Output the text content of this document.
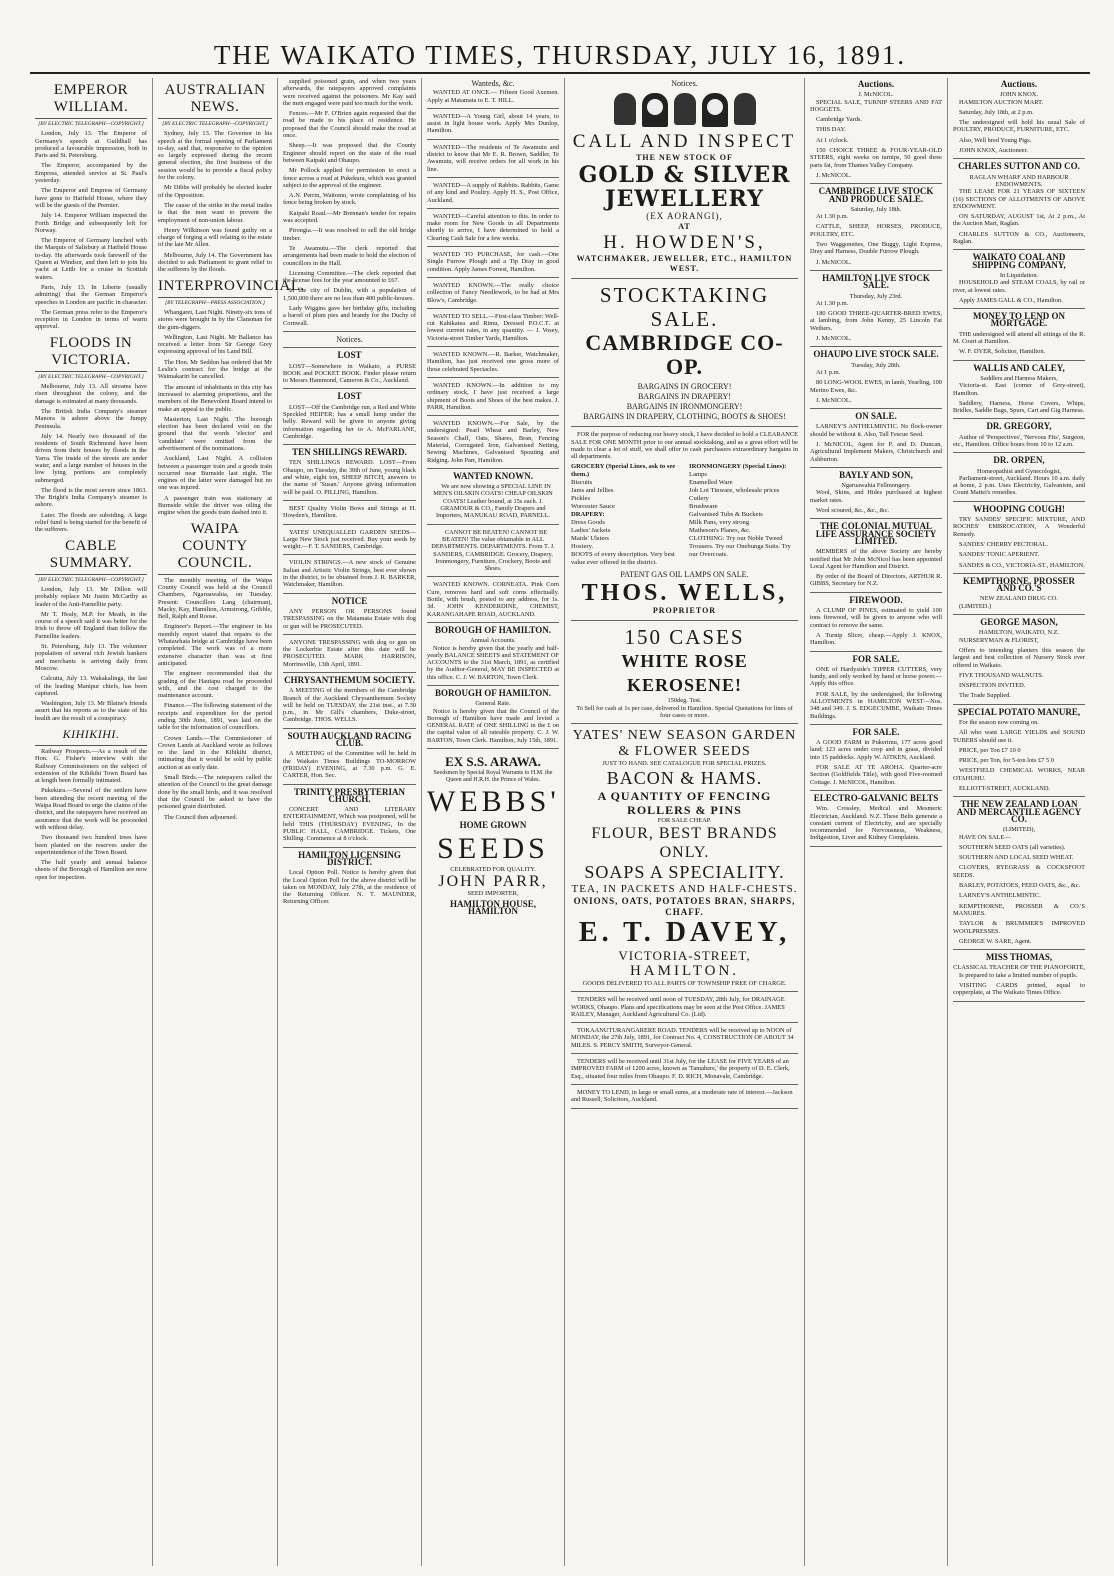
THE WAIKATO TIMES, THURSDAY, JULY 16, 1891.
EMPEROR WILLIAM.
[BY ELECTRIC TELEGRAPH—COPYRIGHT.]
London, July 13. The Emperor of Germany's speech at Guildhall has produced a favourable impression, both in Paris and St. Petersburg.
The Emperor, accompanied by the Empress, attended service at St. Paul's yesterday.
The Emperor and Empress of Germany have gone to Hatfield House, where they will be the guests of the Premier.
July 14. Emperor William inspected the Forth Bridge and subsequently left for Norway.
The Emperor of Germany lunched with the Marquis of Salisbury at Hatfield House to-day. He afterwards took farewell of the Queen at Windsor, and then left to join his yacht at Leith for a cruise in Scottish waters.
Paris, July 13. In Liberte (usually admiring) that the German Emperor's speeches in London are pacific in character.
The German press refer to the Emperor's reception in London in terms of warm approval.
FLOODS IN VICTORIA.
[BY ELECTRIC TELEGRAPH—COPYRIGHT.]
Melbourne, July 13. All streams have risen throughout the colony, and the damage is estimated at many thousands.
The British India Company's steamer Manora is ashore above the Jumpy Peninsula.
July 14. Nearly two thousand of the residents of South Richmond have been driven from their houses by floods in the Yarra. The inside of the streets are under water, and a large number of houses in the low lying portions are completely submerged.
The flood is the most severe since 1863. The Bright's India Company's steamer is ashore.
Later. The floods are subsiding. A large relief fund is being started for the benefit of the sufferers.
CABLE SUMMARY.
[BY ELECTRIC TELEGRAPH—COPYRIGHT.]
London, July 13. Mr Dillon will probably replace Mr Justin McCarthy as leader of the Anti-Parnellite party.
Mr T. Healy, M.P. for Meath, in the course of a speech said it was better for the Irish to throw off England than follow the Parnellite leaders.
St. Petersburg, July 13. The volunteer population of several rich Jewish bankers and merchants is arriving daily from Moscow.
Calcutta, July 13. Wakakalinga, the last of the leading Manipur chiefs, has been captured.
Washington, July 13. Mr Blaine's friends assert that his reports as to the state of his health are the result of a conspiracy.
KIHIKIHI.
Railway Prospects.—As a result of the Hon. G. Fisher's interview with the Railway Commissioners on the subject of extension of the Kihikihi Town Board has at length been formally intimated.
Pukekura.—Several of the settlers have been attending the recent meeting of the Waipa Road Board to urge the claims of the district, and the ratepayers have received an assurance that the work will be proceeded with without delay.
Two thousand two hundred trees have been planted on the reserves under the superintendence of the Town Board.
The half yearly and annual balance sheets of the Borough of Hamilton are now open for inspection.
AUSTRALIAN NEWS.
[BY ELECTRIC TELEGRAPH—COPYRIGHT.]
Sydney, July 13. The Governor in his speech at the formal opening of Parliament to-day, said that, responsive to the opinion so largely expressed during the recent general election, the first business of the session would be to provide a fiscal policy for the colony.
Mr Dibbs will probably be elected leader of the Opposition.
The cause of the strike in the metal trades is that the men want to prevent the employment of non-union labour.
Henry Wilkinson was found guilty on a charge of forging a will relating to the estate of the late Mr Allen.
Melbourne, July 14. The Government has decided to ask Parliament to grant relief to the sufferers by the floods.
INTERPROVINCIAL.
[BY TELEGRAPH—PRESS ASSOCIATION.]
Whangarei, Last Night. Ninety-six tons of stores were brought in by the Clansman for the gum-diggers.
Wellington, Last Night. Mr Ballance has received a letter from Sir George Grey expressing approval of his Land Bill.
The Hon. Mr Seddon has ordered that Mr Leslie's contract for the bridge at the Waimakariri be cancelled.
The amount of inhabitants in this city has increased to alarming proportions, and the members of the Benevolent Board intend to make an appeal to the public.
Masterton, Last Night. The borough election has been declared void on the ground that the words 'elector' and 'candidate' were omitted from the advertisement of the nominations.
Auckland, Last Night. A collision between a passenger train and a goods train occurred near Burnside last night. The engines of the latter were damaged but no one was injured.
A passenger train was stationary at Burnside while the driver was oiling the engine when the goods train dashed into it.
WAIPA COUNTY COUNCIL.
The monthly meeting of the Waipa County Council was held at the Council Chambers, Ngaruawahia, on Tuesday. Present: Councillors Lang (chairman), Macky, Kay, Hamilton, Armstrong, Gribble, Bell, Ralph and Roose.
Engineer's Report.—The engineer in his monthly report stated that repairs to the Whatawhata bridge at Cambridge have been completed. The work was of a more extensive character than was at first anticipated.
The engineer recommended that the grading of the Hautapu road be proceeded with, and the cost charged to the maintenance account.
Finance.—The following statement of the receipts and expenditure for the period ending 30th June, 1891, was laid on the table for the information of councillors.
Crown Lands.—The Commissioner of Crown Lands at Auckland wrote as follows re the land in the Kihikihi district, intimating that it would be sold by public auction at an early date.
Small Birds.—The ratepayers called the attention of the Council to the great damage done by the small birds, and it was resolved that the Council be asked to have the poisoned grain distributed.
The Council then adjourned.
supplied poisoned grain, and when two years afterwards, the ratepayers approved complaints were received against the poisoners. Mr Kay said the men engaged were paid too much for the work.
Fences.—Mr F. O'Brien again requested that the road be made to his place of residence. He proposed that the Council should make the road at once.
Sheep.—It was proposed that the County Engineer should report on the state of the road between Kaipaki and Ohaupo.
Mr Pollock applied for permission to erect a fence across a road at Pukekura, which was granted subject to the approval of the engineer.
A.N. Perrin, Waitomo, wrote complaining of his fence being broken by stock.
Kaipaki Road.—Mr Brennan's tender for repairs was accepted.
Pirongia.—It was resolved to sell the old bridge timber.
Te Awamutu.—The clerk reported that arrangements had been made to hold the election of councillors in the Hall.
Licensing Committee.—The clerk reported that the license fees for the year amounted to £67.
In the city of Dublin, with a population of 1,500,000 there are no less than 400 public-houses.
Lady Wiggins gave her birthday gifts, including a barrel of plum pies and brandy for the Duchy of Cornwall.
Notices.
LOST
LOST—Somewhere in Waikato, a PURSE BOOK and POCKET BOOK. Finder please return to Messrs Hammond, Cameron & Co., Auckland.
LOST
LOST—Off the Cambridge run, a Red and White Speckled HEIFER; has a small lump under the belly. Reward will be given to anyone giving information regarding her to A. McFARLANE, Cambridge.
TEN SHILLINGS REWARD.
TEN SHILLINGS REWARD. LOST—From Ohaupo, on Tuesday, the 30th of June, young black and white, eight ton, SHEEP BITCH, answers to the name of 'Susan.' Anyone giving information will be paid. O. PILLING, Hamilton.
BEST Quality Violin Bows and Strings at H. Howden's, Hamilton.
YATES' UNEQUALLED GARDEN SEEDS—Large New Stock just received. Buy your seeds by weight.—F. T. SANDERS, Cambridge.
VIOLIN STRINGS.—A new stock of Genuine Italian and Artistic Violin Strings, best ever shown in the district, to be obtained from J. R. BARKER, Watchmaker, Hamilton.
NOTICE
ANY PERSON OR PERSONS found TRESPASSING on the Matamata Estate with dog or gun will be PROSECUTED.
ANYONE TRESPASSING with dog or gun on the Lockerbie Estate after this date will be PROSECUTED. MARK HARRISON, Morrinsville, 13th April, 1891.
CHRYSANTHEMUM SOCIETY.
A MEETING of the members of the Cambridge Branch of the Auckland Chrysanthemum Society will be held on TUESDAY, the 21st inst., at 7.30 p.m., in Mr Gill's chambers, Duke-street, Cambridge. THOS. WELLS.
SOUTH AUCKLAND RACING CLUB.
A MEETING of the Committee will be held in the Waikato Times Buildings TO-MORROW (FRIDAY) EVENING, at 7.30 p.m. G. E. CARTER, Hon. Sec.
TRINITY PRESBYTERIAN CHURCH.
CONCERT AND LITERARY ENTERTAINMENT, Which was postponed, will be held THIS (THURSDAY) EVENING, In the PUBLIC HALL, CAMBRIDGE. Tickets, One Shilling. Commence at 8 o'clock.
HAMILTON LICENSING DISTRICT.
Local Option Poll. Notice is hereby given that the Local Option Poll for the above district will be taken on MONDAY, July 27th, at the residence of the Returning Officer. N. T. MAUNDER, Returning Officer.
Wanteds, &c.
WANTED AT ONCE.— Fifteen Good Axemen. Apply at Matamata to E. T. HILL.
WANTED—A Young Girl, about 14 years, to assist in light house work. Apply Mrs Dunlop, Hamilton.
WANTED—The residents of Te Awamutu and district to know that Mr E. R. Brown, Saddler, Te Awamutu, will receive orders for all work in his line.
WANTED—A supply of Rabbits. Rabbits, Game of any kind and Poultry. Apply H. S., Post Office, Auckland.
WANTED—Careful attention to this. In order to make room for New Goods in all Departments shortly to arrive, I have determined to hold a Clearing Cash Sale for a few weeks.
WANTED TO PURCHASE, for cash.—One Single Furrow Plough and a Tip Dray in good condition. Apply James Forrest, Hamilton.
WANTED KNOWN.—The really choice collection of Fancy Needlework, to be had at Mrs Blow's, Cambridge.
WANTED TO SELL.—First-class Timber: Well-cut Kahikatea and Rimu, Dressed P.O.C.T. at lowest current rates, in any quantity. — J. Vosey, Victoria-street Timber Yards, Hamilton.
WANTED KNOWN.—R. Barker, Watchmaker, Hamilton, has just received one gross more of those celebrated Spectacles.
WANTED KNOWN.—In addition to my ordinary stock, I have just received a large shipment of Boots and Shoes of the best makes. J. PARR, Hamilton.
WANTED KNOWN.—For Sale, by the undersigned: Pearl Wheat and Barley, New Season's Chaff, Oats, Shares, Bran, Fencing Material, Corrugated Iron, Galvanised Netting, Sewing Machines, Galvanised Spouting and Ridging. John Parr, Hamilton.
WANTED KNOWN.
We are now showing a SPECIAL LINE IN MEN'S OILSKIN COATS! CHEAP OILSKIN COATS! Leather bound, at 15s each. J. GRAMOUR & CO., Family Drapers and Importers, MANUKAU ROAD, PARNELL.
CANNOT BE BEATEN! CANNOT BE BEATEN! The value obtainable in ALL DEPARTMENTS. DEPARTMENTS. From T. J. SANDERS, CAMBRIDGE. Grocery, Drapery, Ironmongery, Furniture, Crockery, Boots and Shoes.
WANTED KNOWN. CORNEATA. Pink Corn Cure, removes hard and soft corns effectually. Bottle, with brush, posted to any address, for 1s. 3d. JOHN KENDERDINE, CHEMIST, KARANGAHAPE ROAD, AUCKLAND.
BOROUGH OF HAMILTON.
Annual Accounts.
Notice is hereby given that the yearly and half-yearly BALANCE SHEETS and STATEMENT OF ACCOUNTS to the 31st March, 1891, as certified by the Auditor-General, MAY BE INSPECTED at this office. C. J. W. BARTON, Town Clerk.
BOROUGH OF HAMILTON.
General Rate.
Notice is hereby given that the Council of the Borough of Hamilton have made and levied a GENERAL RATE of ONE SHILLING in the £ on the capital value of all rateable property. C. J. W. BARTON, Town Clerk. Hamilton, July 15th, 1891.
EX S.S. ARAWA.
Seedsmen by Special Royal Warrants to H.M. the Queen and H.R.H. the Prince of Wales.
WEBBS'
HOME GROWN
SEEDS
CELEBRATED FOR QUALITY.
JOHN PARR,
SEED IMPORTER,
HAMILTON HOUSE, HAMILTON
Notices.
CALL AND INSPECT
THE NEW STOCK OF
GOLD & SILVER JEWELLERY
(EX AORANGI),
AT
H. HOWDEN'S,
WATCHMAKER, JEWELLER, ETC., HAMILTON WEST.
STOCKTAKING SALE.
CAMBRIDGE CO-OP.
BARGAINS IN GROCERY!
BARGAINS IN DRAPERY!
BARGAINS IN IRONMONGERY!
BARGAINS IN DRAPERY, CLOTHING, BOOTS & SHOES!
FOR the purpose of reducing our heavy stock, I have decided to hold a CLEARANCE SALE FOR ONE MONTH prior to our annual stocktaking, and as a great effort will be made to clear a lot of stuff, we shall offer to cash purchasers extraordinary bargains in all departments.
GROCERY (Special Lines, ask to see them.)
Biscuits
Jams and Jellies
Pickles
Worcester Sauce
DRAPERY:
Dress Goods
Ladies' Jackets
Maids' Ulsters
Hosiery.
BOOTS of every description. Very best value ever offered in the district.
IRONMONGERY (Special Lines):
Lamps
Enamelled Ware
Job Lot Tinware, wholesale prices
Cutlery
Brushware
Galvanised Tubs & Buckets
Milk Pans, very strong
Matheson's Planes, &c.
CLOTHING: Try our Noble Tweed Trousers. Try our Onehunga Suits. Try our Overcoats.
PATENT GAS OIL LAMPS ON SALE.
THOS. WELLS,
PROPRIETOR
150 CASES
WHITE ROSE KEROSENE!
150deg. Test.
To Sell for cash at 1s per case, delivered in Hamilton. Special Quotations for lines of four cases or more.
YATES' NEW SEASON GARDEN & FLOWER SEEDS
JUST TO HAND. SEE CATALOGUE FOR SPECIAL PRIZES.
BACON & HAMS.
A QUANTITY OF FENCING ROLLERS & PINS
FOR SALE CHEAP.
FLOUR, BEST BRANDS ONLY.
SOAPS A SPECIALITY.
TEA, IN PACKETS AND HALF-CHESTS.
ONIONS, OATS, POTATOES BRAN, SHARPS, CHAFF.
E. T. DAVEY,
VICTORIA-STREET,
HAMILTON.
GOODS DELIVERED TO ALL PARTS OF TOWNSHIP FREE OF CHARGE.
TENDERS will be received until noon of TUESDAY, 28th July, for DRAINAGE WORKS, Ohaupo. Plans and specifications may be seen at the Post Office. JAMES RAILEY, Manager, Auckland Agricultural Co. (Ltd).
TOKAANUTURANGARERE ROAD. TENDERS will be received up to NOON of MONDAY, the 27th July, 1891, for Contract No. 4, CONSTRUCTION OF ABOUT 34 MILES. S. PERCY SMITH, Surveyor-General.
TENDERS will be received until 31st July, for the LEASE for FIVE YEARS of an IMPROVED FARM of 1200 acres, known as 'Tamahere,' the property of D. E. Clerk, Esq., situated four miles from Ohaupo. F. D. RICH, Monavale, Cambridge.
MONEY TO LEND, in large or small sums, at a moderate rate of interest.—Jackson and Russell, Solicitors, Auckland.
Auctions.
J. McNICOL.
SPECIAL SALE, TURNIP STEERS AND FAT HOGGETS.
Cambridge Yards.
THIS DAY.
At 1 o'clock.
150 CHOICE THREE & FOUR-YEAR-OLD STEERS, eight weeks on turnips, 50 good three parts fat, from Thames Valley Company.
J. McNICOL.
CAMBRIDGE LIVE STOCK AND PRODUCE SALE.
Saturday, July 18th.
At 1.30 p.m.
CATTLE, SHEEP, HORSES, PRODUCE, POULTRY, ETC.
Two Waggonettes, One Buggy, Light Express, Dray and Harness, Double Furrow Plough.
J. McNICOL.
HAMILTON LIVE STOCK SALE.
Thursday, July 23rd.
At 1.30 p.m.
180 GOOD THREE-QUARTER-BRED EWES, at lambing, from John Kenny, 25 Lincoln Fat Wethers.
J. McNICOL.
OHAUPO LIVE STOCK SALE.
Tuesday, July 28th.
At 1 p.m.
80 LONG-WOOL EWES, in lamb, Yearling, 100 Merino Ewes, &c.
J. McNICOL.
ON SALE.
LARNEY'S ANTHELMINTIC. No flock-owner should be without it. Also, Tall Fescue Seed.
J. McNICOL, Agent for P. and D. Duncan, Agricultural Implement Makers, Christchurch and Ashburton.
BAYLY AND SON,
Ngaruawahia Fellmongery.
Wool, Skins, and Hides purchased at highest market rates.
Wool scoured, &c., &c., &c.
THE COLONIAL MUTUAL LIFE ASSURANCE SOCIETY LIMITED.
MEMBERS of the above Society are hereby notified that Mr John McNicol has been appointed Local Agent for Hamilton and District.
By order of the Board of Directors, ARTHUR R. GIBBS, Secretary for N.Z.
FIREWOOD.
A CLUMP OF PINES, estimated to yield 100 tons firewood, will be given to anyone who will contract to remove the same.
A Turnip Slicer, cheap.—Apply J. KNOX, Hamilton.
FOR SALE.
ONE of Hardyside's TIPPER CUTTERS, very handy, and only worked by hand or horse power.—Apply this office.
FOR SALE, by the undersigned, the following ALLOTMENTS in HAMILTON WEST—Nos. 348 and 349. J. S. EDGECUMBE, Waikato Times Buildings.
FOR SALE.
A GOOD FARM in Pukerimu, 177 acres good land; 123 acres under crop and in grass, divided into 15 paddocks. Apply W. AITKEN, Auckland.
FOR SALE AT TE AROHA. Quarter-acre Section (Goldfields Title), with good Five-roomed Cottage. J. McNICOL, Hamilton.
ELECTRO-GALVANIC BELTS
Wm. Crossley, Medical and Mesmeric Electrician, Auckland. N.Z. These Belts generate a constant current of Electricity, and are specially recommended for Nervousness, Weakness, Indigestion, Liver and Kidney Complaints.
Auctions.
JOHN KNOX.
HAMILTON AUCTION MART.
Saturday, July 18th, at 2 p.m.
The undersigned will hold his usual Sale of POULTRY, PRODUCE, FURNITURE, ETC.
Also, Well bred Young Pigs.
JOHN KNOX, Auctioneer.
CHARLES SUTTON AND CO.
RAGLAN WHARF AND HARBOUR ENDOWMENTS.
THE LEASE FOR 21 YEARS OF SIXTEEN (16) SECTIONS OF ALLOTMENTS OF ABOVE ENDOWMENT.
ON SATURDAY, AUGUST 1st, At 2 p.m., At the Auction Mart, Raglan.
CHARLES SUTTON & CO., Auctioneers, Raglan.
WAIKATO COAL AND SHIPPING COMPANY,
In Liquidation.
HOUSEHOLD and STEAM COALS, by rail or river, at lowest rates.
Apply JAMES GALL & CO., Hamilton.
MONEY TO LEND ON MORTGAGE.
THE undersigned will attend all sittings of the R. M. Court at Hamilton.
W. F. DYER, Solicitor, Hamilton.
WALLIS AND CALEY,
Saddlers and Harness Makers,
Victoria-st. East (corner of Grey-street), Hamilton.
Saddlery, Harness, Horse Covers, Whips, Bridles, Saddle Bags, Spurs, Cart and Gig Harness.
DR. GREGORY,
Author of 'Perspectives', 'Nervous Fits', Surgeon, etc., Hamilton. Office hours from 10 to 12 a.m.
DR. ORPEN,
Homeopathist and Gynecologist,
Parliament-street, Auckland. Hours 10 a.m. daily at home, 2 p.m. Uses Electricity, Galvanism, and Count Mattei's remedies.
WHOOPING COUGH!
TRY SANDES' SPECIFIC MIXTURE, AND ROCHES' EMBROCATION, A Wonderful Remedy.
SANDES' CHERRY PECTORAL.
SANDES' TONIC APERIENT.
SANDES & CO., VICTORIA-ST., HAMILTON.
KEMPTHORNE, PROSSER AND CO.'S
NEW ZEALAND DRUG CO.
(LIMITED.)
GEORGE MASON,
HAMILTON, WAIKATO, N.Z.
NURSERYMAN & FLORIST,
Offers to intending planters this season the largest and best collection of Nursery Stock ever offered in Waikato.
FIVE THOUSAND WALNUTS.
INSPECTION INVITED.
The Trade Supplied.
SPECIAL POTATO MANURE,
For the season now coming on.
All who want LARGE YIELDS and SOUND TUBERS should use it.
PRICE, per Ton £7 10 0
PRICE, per Ton, for 5-ton lots £7 5 0
WESTFIELD CHEMICAL WORKS, NEAR OTAHUHU.
ELLIOTT-STREET, AUCKLAND.
THE NEW ZEALAND LOAN AND MERCANTILE AGENCY CO.
(LIMITED),
HAVE ON SALE—
SOUTHERN SEED OATS (all varieties).
SOUTHERN AND LOCAL SEED WHEAT.
CLOVERS, RYEGRASS & COCKSFOOT SEEDS.
BARLEY, POTATOES, FEED OATS, &c., &c.
LARNEY'S ANTHELMINTIC.
KEMPTHORNE, PROSSER & CO.'S MANURES.
TAYLOR & BRUMMER'S IMPROVED WOOLPRESSES.
GEORGE W. SARE, Agent.
MISS THOMAS,
CLASSICAL TEACHER OF THE PIANOFORTE,
Is prepared to take a limited number of pupils.
VISITING CARDS printed, equal to copperplate, at The Waikato Times Office.
